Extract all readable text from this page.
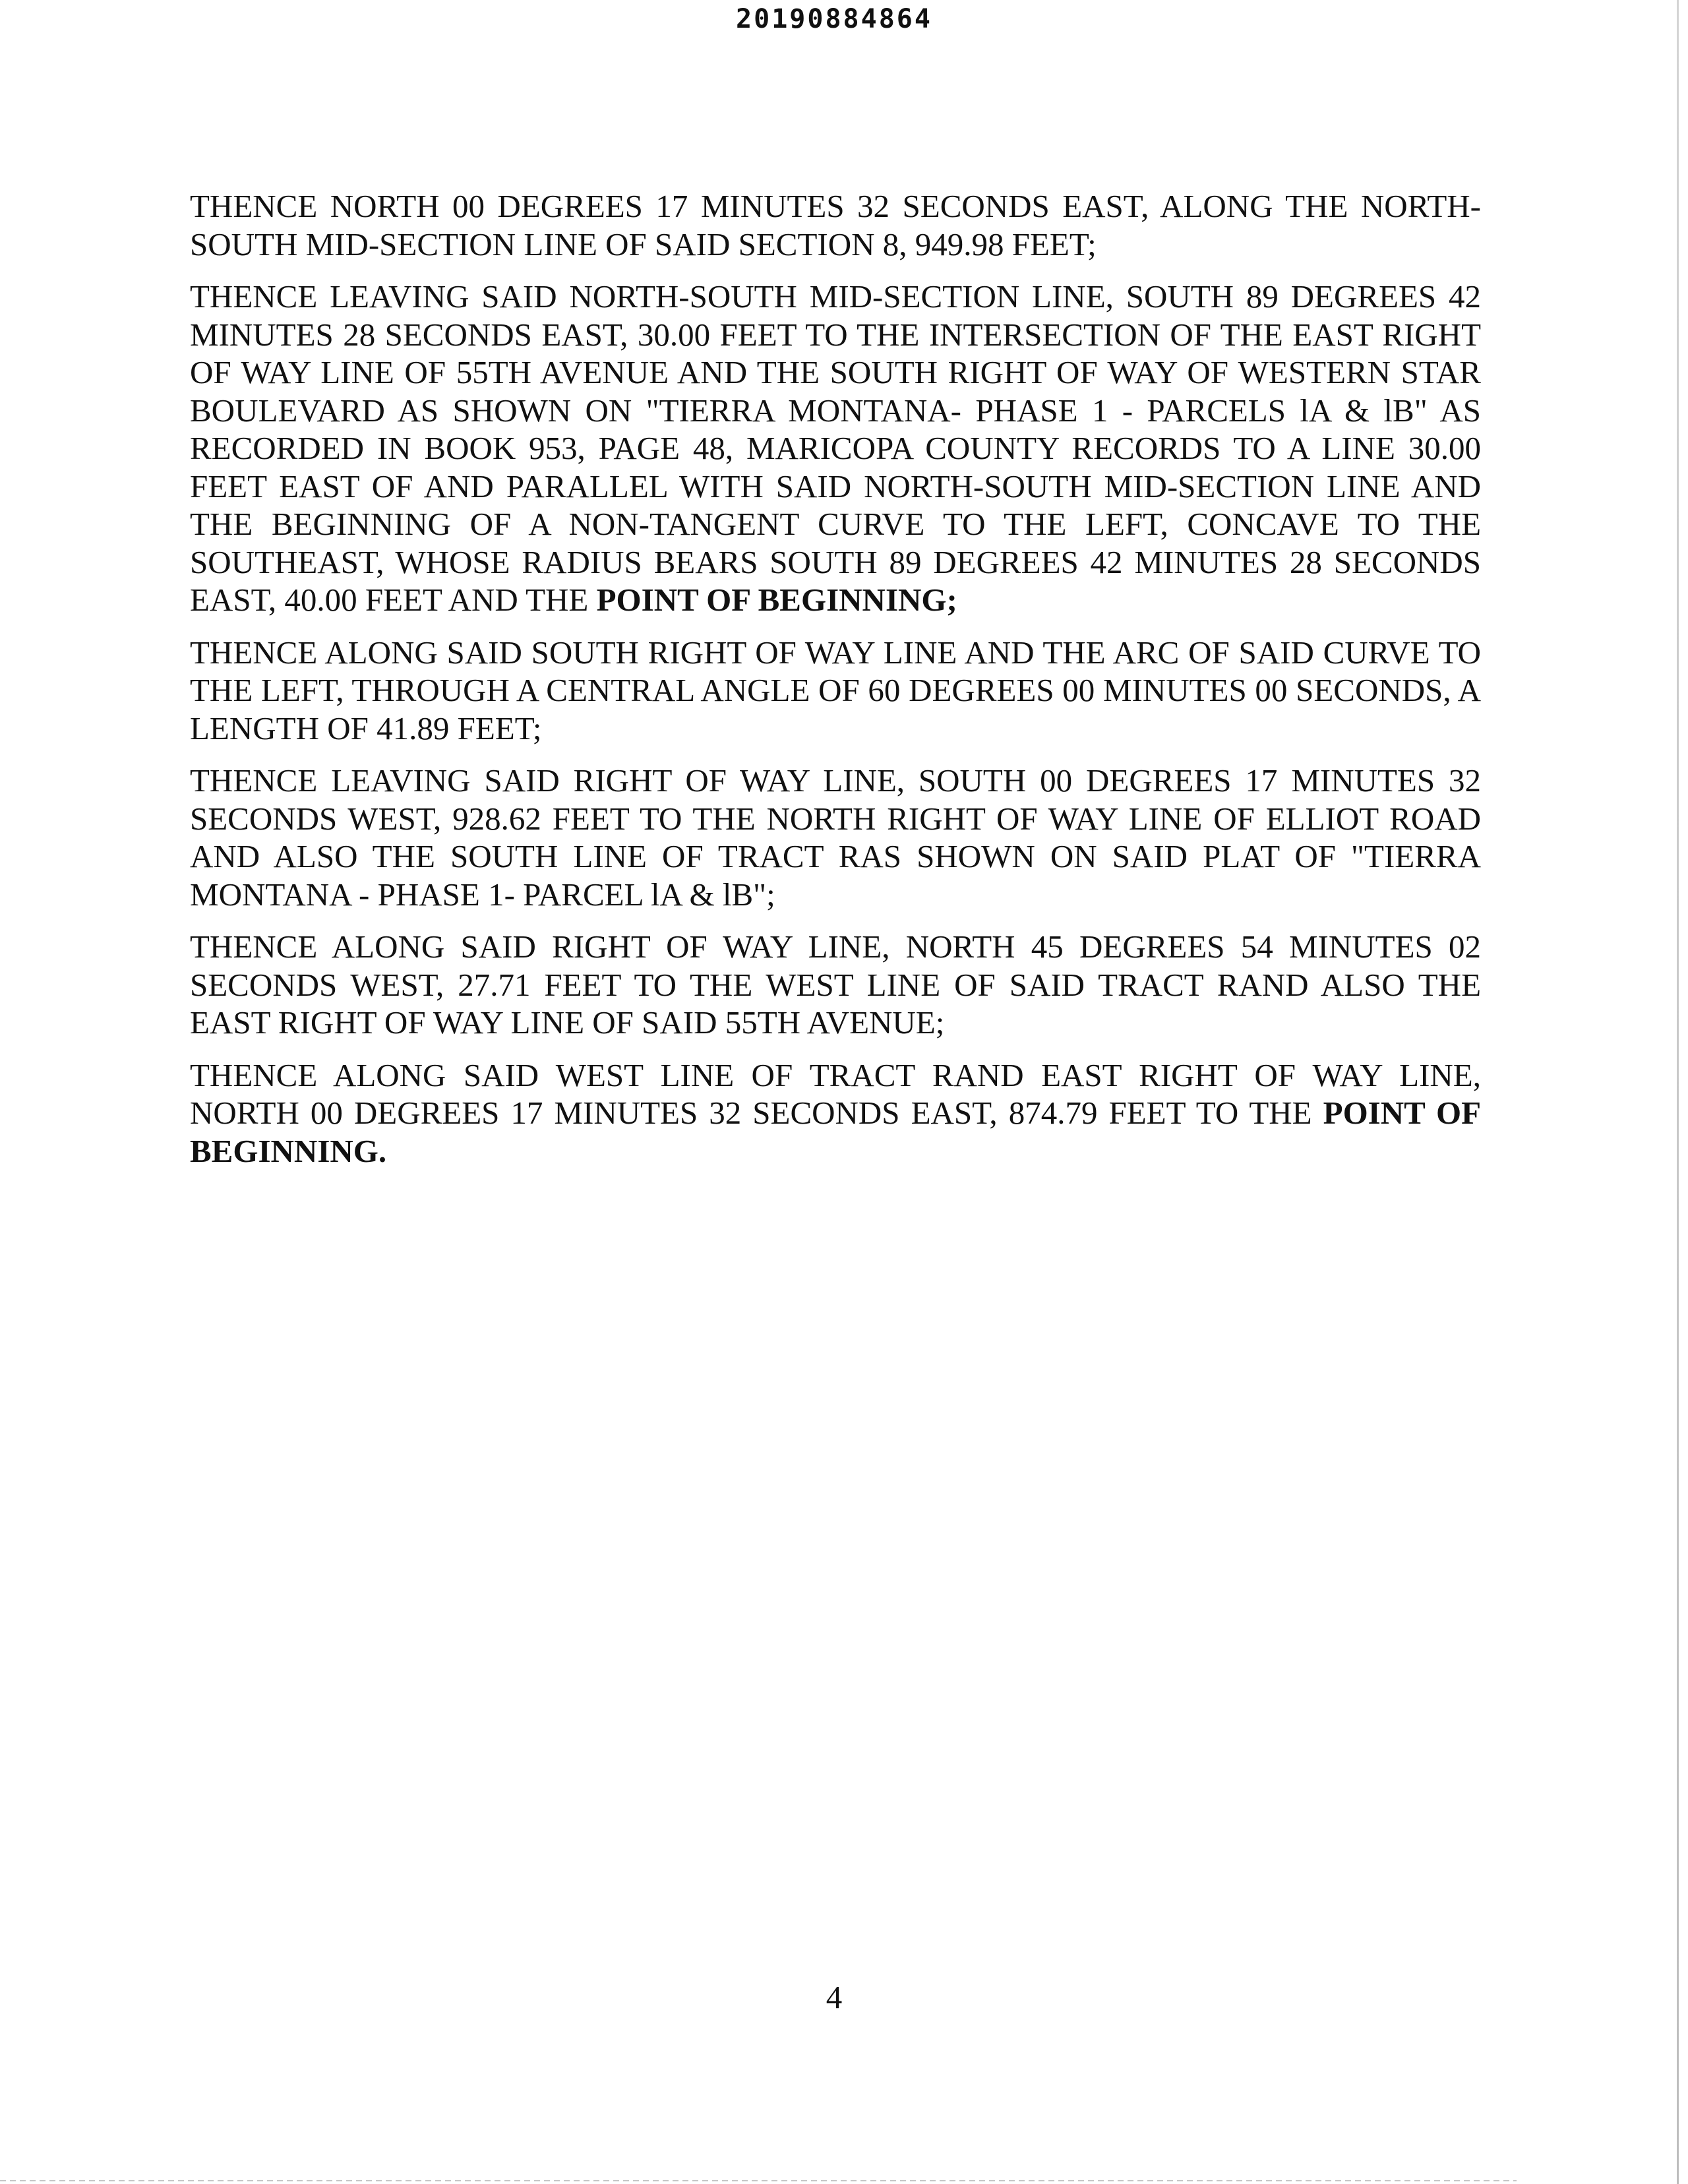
20190884864

THENCE NORTH 00 DEGREES 17 MINUTES 32 SECONDS EAST, ALONG THE NORTH-SOUTH MID-SECTION LINE OF SAID SECTION 8, 949.98 FEET;

THENCE LEAVING SAID NORTH-SOUTH MID-SECTION LINE, SOUTH 89 DEGREES 42 MINUTES 28 SECONDS EAST, 30.00 FEET TO THE INTERSECTION OF THE EAST RIGHT OF WAY LINE OF 55TH AVENUE AND THE SOUTH RIGHT OF WAY OF WESTERN STAR BOULEVARD AS SHOWN ON "TIERRA MONTANA- PHASE 1 - PARCELS lA & lB" AS RECORDED IN BOOK 953, PAGE 48, MARICOPA COUNTY RECORDS TO A LINE 30.00 FEET EAST OF AND PARALLEL WITH SAID NORTH-SOUTH MID-SECTION LINE AND THE BEGINNING OF A NON-TANGENT CURVE TO THE LEFT, CONCAVE TO THE SOUTHEAST, WHOSE RADIUS BEARS SOUTH 89 DEGREES 42 MINUTES 28 SECONDS EAST, 40.00 FEET AND THE POINT OF BEGINNING;

THENCE ALONG SAID SOUTH RIGHT OF WAY LINE AND THE ARC OF SAID CURVE TO THE LEFT, THROUGH A CENTRAL ANGLE OF 60 DEGREES 00 MINUTES 00 SECONDS, A LENGTH OF 41.89 FEET;

THENCE LEAVING SAID RIGHT OF WAY LINE, SOUTH 00 DEGREES 17 MINUTES 32 SECONDS WEST, 928.62 FEET TO THE NORTH RIGHT OF WAY LINE OF ELLIOT ROAD AND ALSO THE SOUTH LINE OF TRACT RAS SHOWN ON SAID PLAT OF "TIERRA MONTANA - PHASE 1- PARCEL lA & lB";

THENCE ALONG SAID RIGHT OF WAY LINE, NORTH 45 DEGREES 54 MINUTES 02 SECONDS WEST, 27.71 FEET TO THE WEST LINE OF SAID TRACT RAND ALSO THE EAST RIGHT OF WAY LINE OF SAID 55TH AVENUE;

THENCE ALONG SAID WEST LINE OF TRACT RAND EAST RIGHT OF WAY LINE, NORTH 00 DEGREES 17 MINUTES 32 SECONDS EAST, 874.79 FEET TO THE POINT OF BEGINNING.

4
